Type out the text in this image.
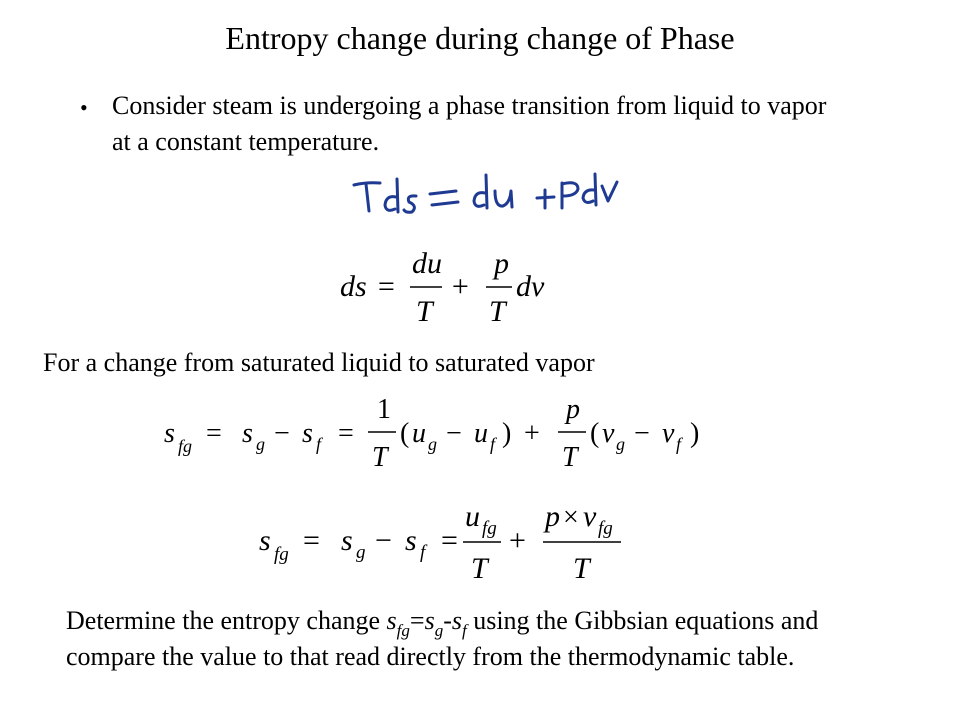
Entropy change during change of Phase
• Consider steam is undergoing a phase transition from liquid to vapor at a constant temperature.
ds =
du
T
+
p
T
dv
For a change from saturated liquid to saturated vapor
s fg = s g − s f =
1
T
( u g − u f ) +
p
T
( v g − v f )
s fg = s g − s f =
u fg
T
+
p × v fg
T
Determine the entropy change $s_{fg}=s_g-s_f$ using the Gibbsian equations and compare the value to that read directly from the thermodynamic table.
